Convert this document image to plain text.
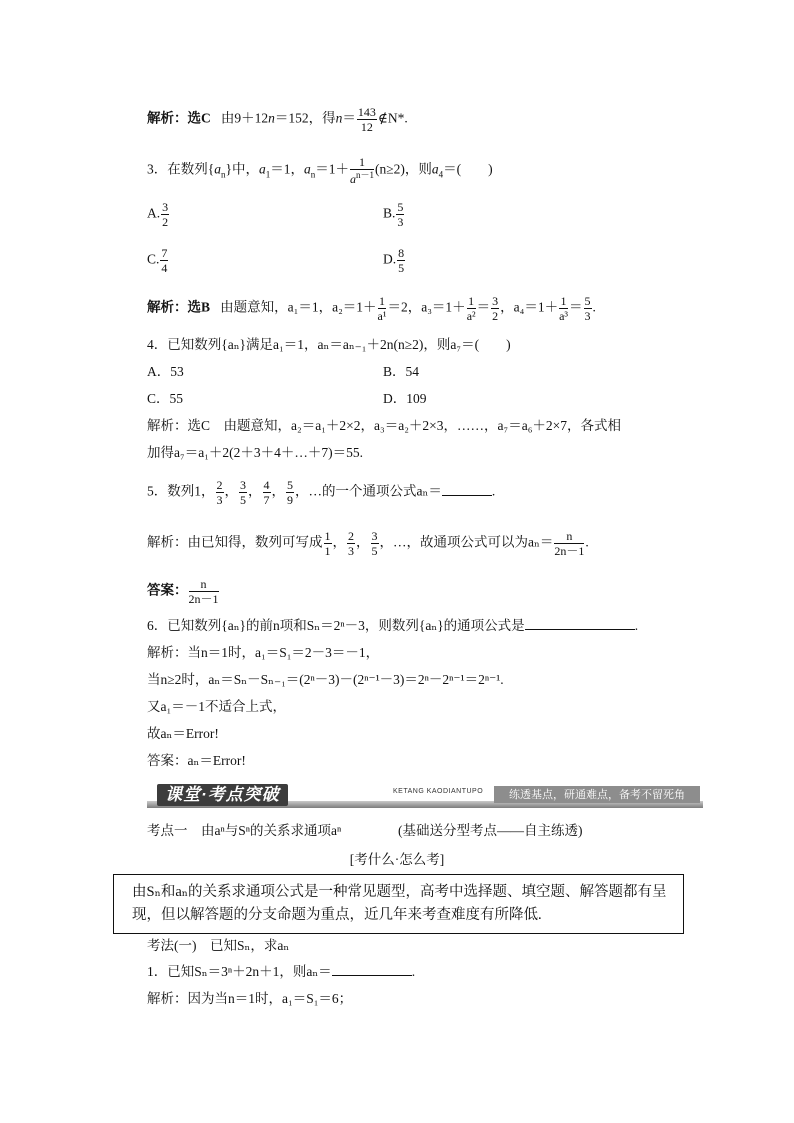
解析：选C 由9＋12n＝152，得$n= \frac{143}{12}$ ∉N*.
3．在数列$\{a_n\}$中，$a_1=1$，$a_n=1+ \frac{1}{a^{n-1}} (n\ge 2)$，则$a_4=$(　　)
A. $\frac{3}{2}$	B. $\frac{5}{3}$
C. $\frac{7}{4}$	D. $\frac{8}{5}$
解析：选B 由题意知，a₁＝1，$a_2=1+ \frac{1}{\text{a¹}} =2$，$a_3=1+ \frac{1}{\text{a²}} = \frac{3}{2}$ ，$a_4=1+ \frac{1}{\text{a³}} = \frac{5}{3}$ .
4．已知数列{aₙ}满足a₁＝1，aₙ＝aₙ₋₁＋2n(n≥2)，则a₇＝(　　)
A．53	B．54
C．55	D．109
解析：选C　由题意知，a₂＝a₁＋2×2，a₃＝a₂＋2×3，……，a₇＝a₆＋2×7，各式相
加得a₇＝a₁＋2(2＋3＋4＋…＋7)＝55.
5．数列1， $\frac{2}{3}$ ， $\frac{3}{5}$ ， $\frac{4}{7}$ ， $\frac{5}{9}$ ，…的一个通项公式aₙ＝	.
解析：由已知得，数列可写成 $\frac{1}{1}$ ， $\frac{2}{3}$ ， $\frac{3}{5}$ ，…，故通项公式可以为$a_n= \frac{n}{2n-1}$ .
答案： $\frac{n}{2n-1}$
6．已知数列{aₙ}的前n项和Sₙ＝2ⁿ－3，则数列{aₙ}的通项公式是	.
解析：当n＝1时，a₁＝S₁＝2－3＝－1，
当n≥2时，aₙ＝Sₙ－Sₙ₋₁＝(2ⁿ－3)－(2ⁿ⁻¹－3)＝2ⁿ－2ⁿ⁻¹＝2ⁿ⁻¹.
又a₁＝－1不适合上式，
故aₙ＝Error!
答案：aₙ＝Error!
课堂·考点突破	KETANG KAODIANTUPO	练透基点，研通难点，备考不留死角
考点一　由aⁿ与Sⁿ的关系求通项aⁿ	(基础送分型考点——自主练透)
[考什么·怎么考]

由Sₙ和aₙ的关系求通项公式是一种常见题型，高考中选择题、填空题、解答题都有呈现，但以解答题的分支命题为重点，近几年来考查难度有所降低.

考法(一)　已知Sₙ，求aₙ
1．已知Sₙ＝3ⁿ＋2n＋1，则aₙ＝	.
解析：因为当n＝1时，a₁＝S₁＝6；
